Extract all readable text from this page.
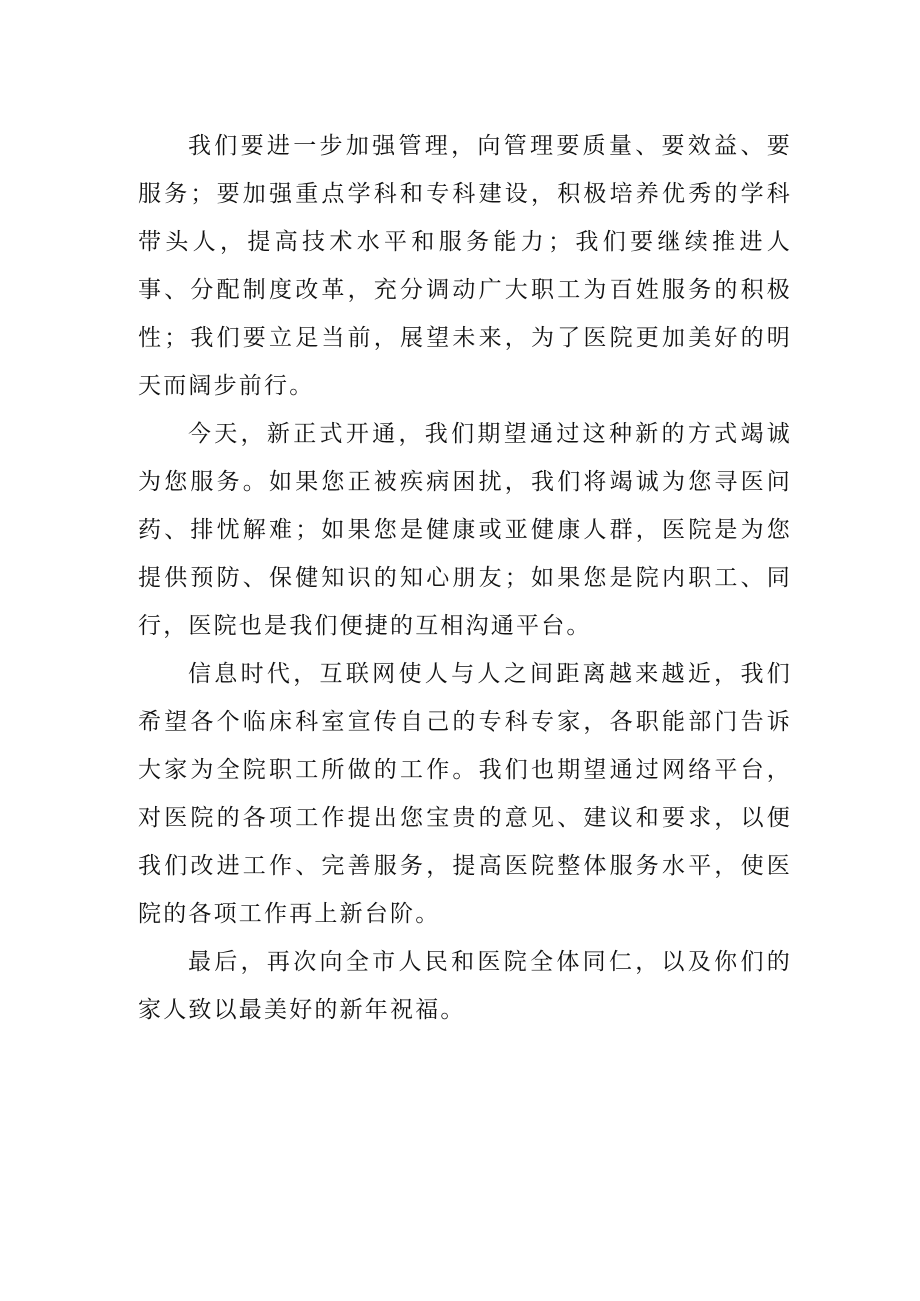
我们要进一步加强管理，向管理要质量、要效益、要服务；要加强重点学科和专科建设，积极培养优秀的学科带头人，提高技术水平和服务能力；我们要继续推进人事、分配制度改革，充分调动广大职工为百姓服务的积极性；我们要立足当前，展望未来，为了医院更加美好的明天而阔步前行。

今天，新正式开通，我们期望通过这种新的方式竭诚为您服务。如果您正被疾病困扰，我们将竭诚为您寻医问药、排忧解难；如果您是健康或亚健康人群，医院是为您提供预防、保健知识的知心朋友；如果您是院内职工、同行，医院也是我们便捷的互相沟通平台。

信息时代，互联网使人与人之间距离越来越近，我们希望各个临床科室宣传自己的专科专家，各职能部门告诉大家为全院职工所做的工作。我们也期望通过网络平台，对医院的各项工作提出您宝贵的意见、建议和要求，以便我们改进工作、完善服务，提高医院整体服务水平，使医院的各项工作再上新台阶。

最后，再次向全市人民和医院全体同仁，以及你们的家人致以最美好的新年祝福。
